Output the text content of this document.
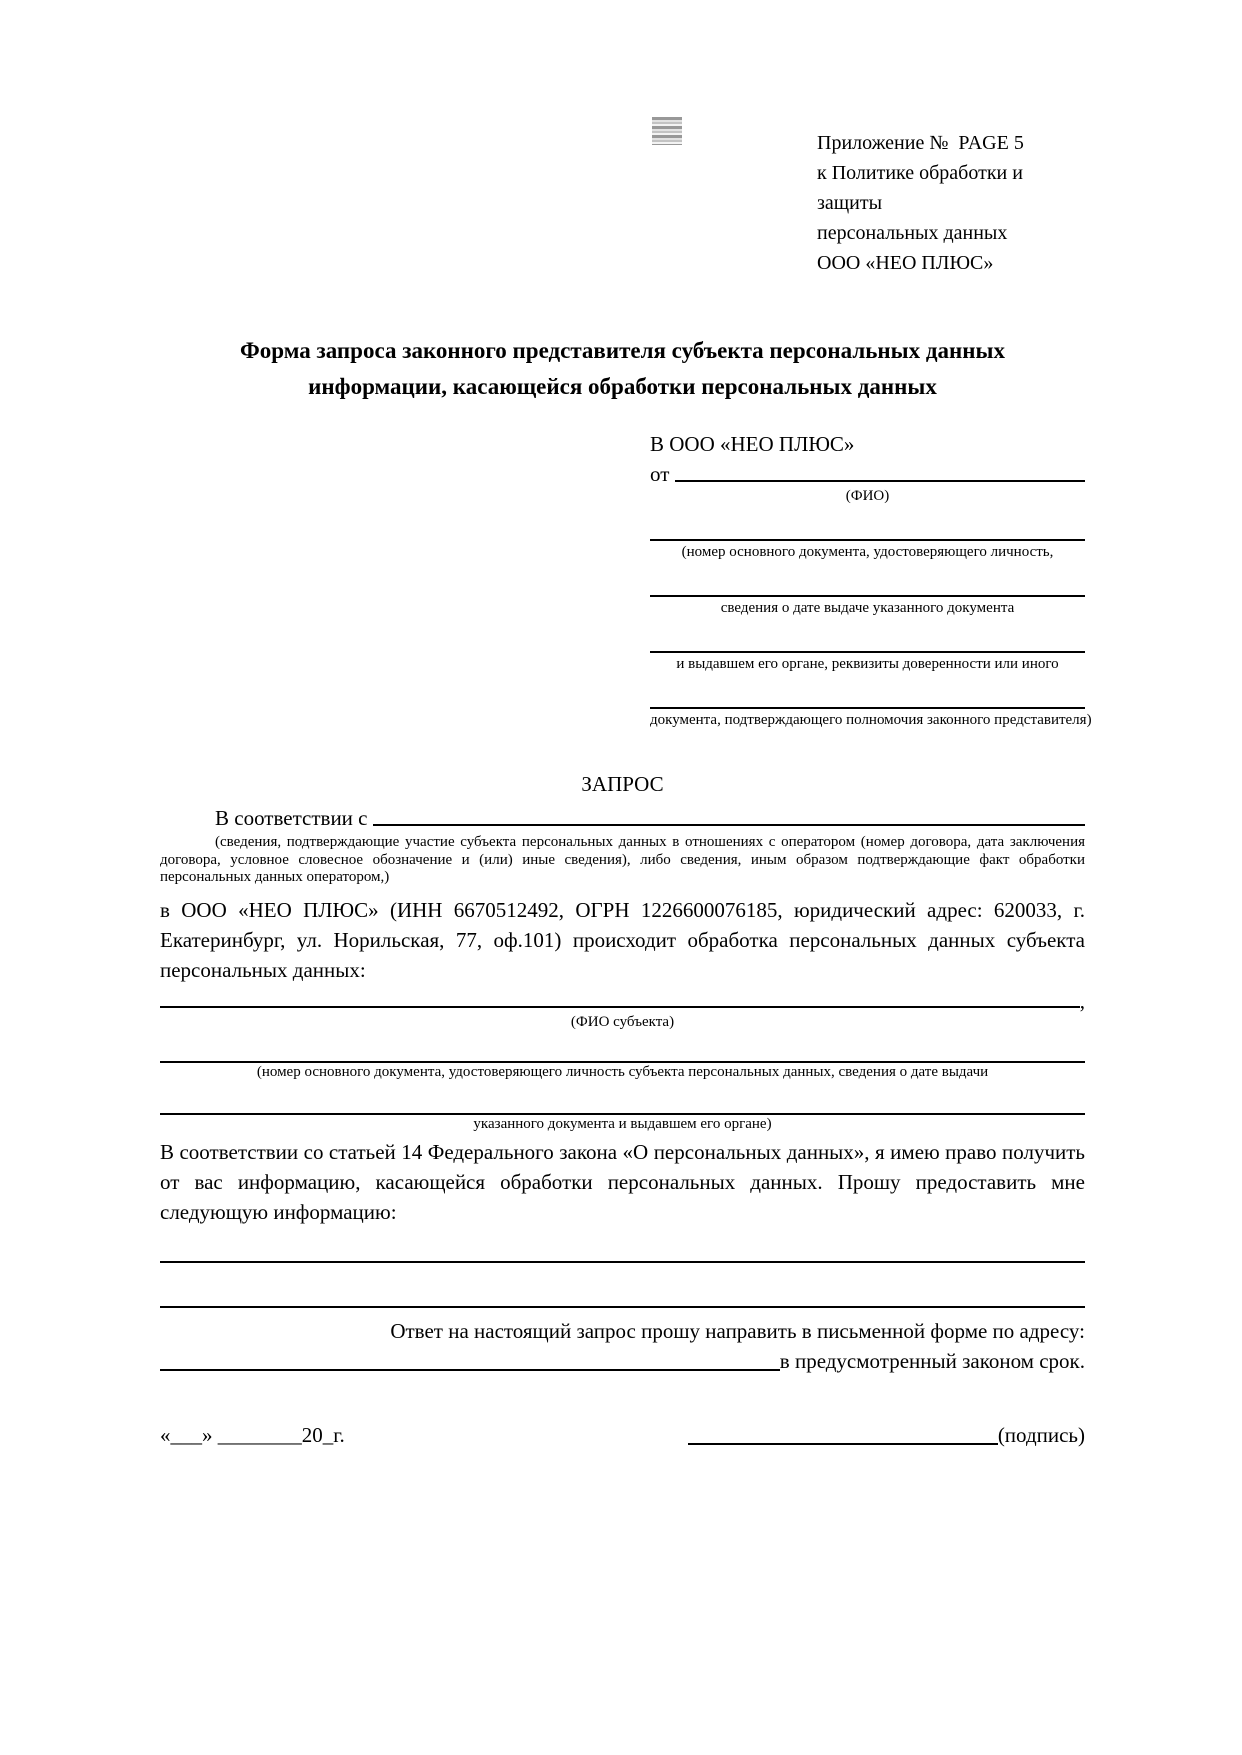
Приложение №  PAGE 5
к Политике обработки и защиты
персональных данных
ООО «НЕО ПЛЮС»
Форма запроса законного представителя субъекта персональных данных
информации, касающейся обработки персональных данных
В ООО «НЕО ПЛЮС»
от

(ФИО)
(номер основного документа, удостоверяющего личность,
сведения о дате выдаче указанного документа
и выдавшем его органе, реквизиты доверенности или иного
документа, подтверждающего полномочия законного представителя)
ЗАПРОС
В соответствии с

(сведения, подтверждающие участие субъекта персональных данных в отношениях с оператором (номер договора, дата заключения договора, условное словесное обозначение и (или) иные сведения), либо сведения, иным образом подтверждающие факт обработки персональных данных оператором,)

в ООО «НЕО ПЛЮС» (ИНН 6670512492, ОГРН 1226600076185, юридический адрес: 620033, г. Екатеринбург, ул. Норильская, 77, оф.101) происходит обработка персональных данных субъекта персональных данных:

,
(ФИО субъекта)
(номер основного документа, удостоверяющего личность субъекта персональных данных, сведения о дате выдачи
указанного документа и выдавшем его органе)

В соответствии со статьей 14 Федерального закона «О персональных данных», я имею право получить от вас информацию, касающейся обработки персональных данных. Прошу предоставить мне следующую информацию:

Ответ на настоящий запрос прошу направить в письменной форме по адресу:
в предусмотренный законом срок.
«___» ________20_г.	(подпись)
